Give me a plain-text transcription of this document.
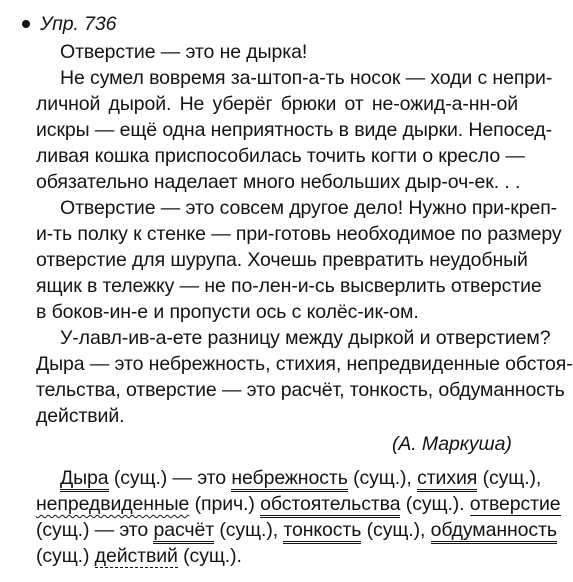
Упр. 736
Отверстие — это не дырка!
Не сумел вовремя за-штоп-а-ть носок — ходи с непри-
личной дырой. Не уберёг брюки от не-ожид-а-нн-ой
искры — ещё одна неприятность в виде дырки. Непосед-
ливая кошка приспособилась точить когти о кресло —
обязательно наделает много небольших дыр-оч-ек. . .
Отверстие — это совсем другое дело! Нужно при-креп-
и-ть полку к стенке — при-готовь необходимое по размеру
отверстие для шурупа. Хочешь превратить неудобный
ящик в тележку — не по-лен-и-сь высверлить отверстие
в боков-ин-е и пропусти ось с колёс-ик-ом.
У-лавл-ив-а-ете разницу между дыркой и отверстием?
Дыра — это небрежность, стихия, непредвиденные обстоя-
тельства, отверстие — это расчёт, тонкость, обдуманность
действий.
(А. Маркуша)
Дыра (сущ.) — это небрежность (сущ.), стихия (сущ.),
непредвиденные (прич.) обстоятельства (сущ.). отверстие
(сущ.) — это расчёт (сущ.), тонкость (сущ.), обдуманность
(сущ.) действий (сущ.).
